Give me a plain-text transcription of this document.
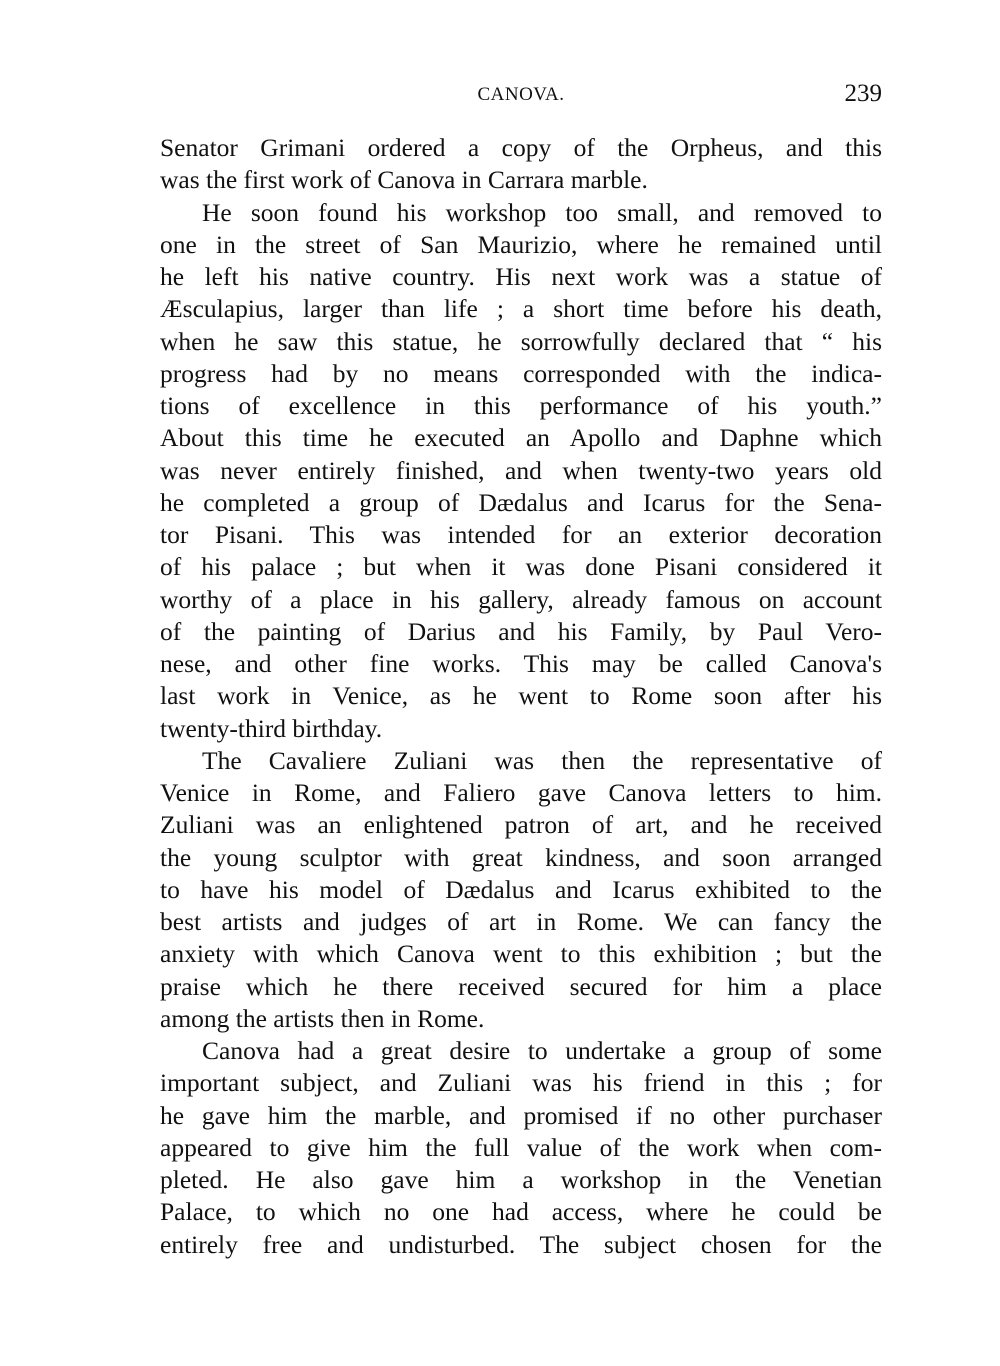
CANOVA.	239
Senator Grimani ordered a copy of the Orpheus, and this
was the first work of Canova in Carrara marble.
He soon found his workshop too small, and removed to
one in the street of San Maurizio, where he remained until
he left his native country. His next work was a statue of
Æsculapius, larger than life ; a short time before his death,
when he saw this statue, he sorrowfully declared that “ his
progress had by no means corresponded with the indica-
tions of excellence in this performance of his youth.”
About this time he executed an Apollo and Daphne which
was never entirely finished, and when twenty-two years old
he completed a group of Dædalus and Icarus for the Sena-
tor Pisani. This was intended for an exterior decoration
of his palace ; but when it was done Pisani considered it
worthy of a place in his gallery, already famous on account
of the painting of Darius and his Family, by Paul Vero-
nese, and other fine works. This may be called Canova's
last work in Venice, as he went to Rome soon after his
twenty-third birthday.
The Cavaliere Zuliani was then the representative of
Venice in Rome, and Faliero gave Canova letters to him.
Zuliani was an enlightened patron of art, and he received
the young sculptor with great kindness, and soon arranged
to have his model of Dædalus and Icarus exhibited to the
best artists and judges of art in Rome. We can fancy the
anxiety with which Canova went to this exhibition ; but the
praise which he there received secured for him a place
among the artists then in Rome.
Canova had a great desire to undertake a group of some
important subject, and Zuliani was his friend in this ; for
he gave him the marble, and promised if no other purchaser
appeared to give him the full value of the work when com-
pleted. He also gave him a workshop in the Venetian
Palace, to which no one had access, where he could be
entirely free and undisturbed. The subject chosen for the
